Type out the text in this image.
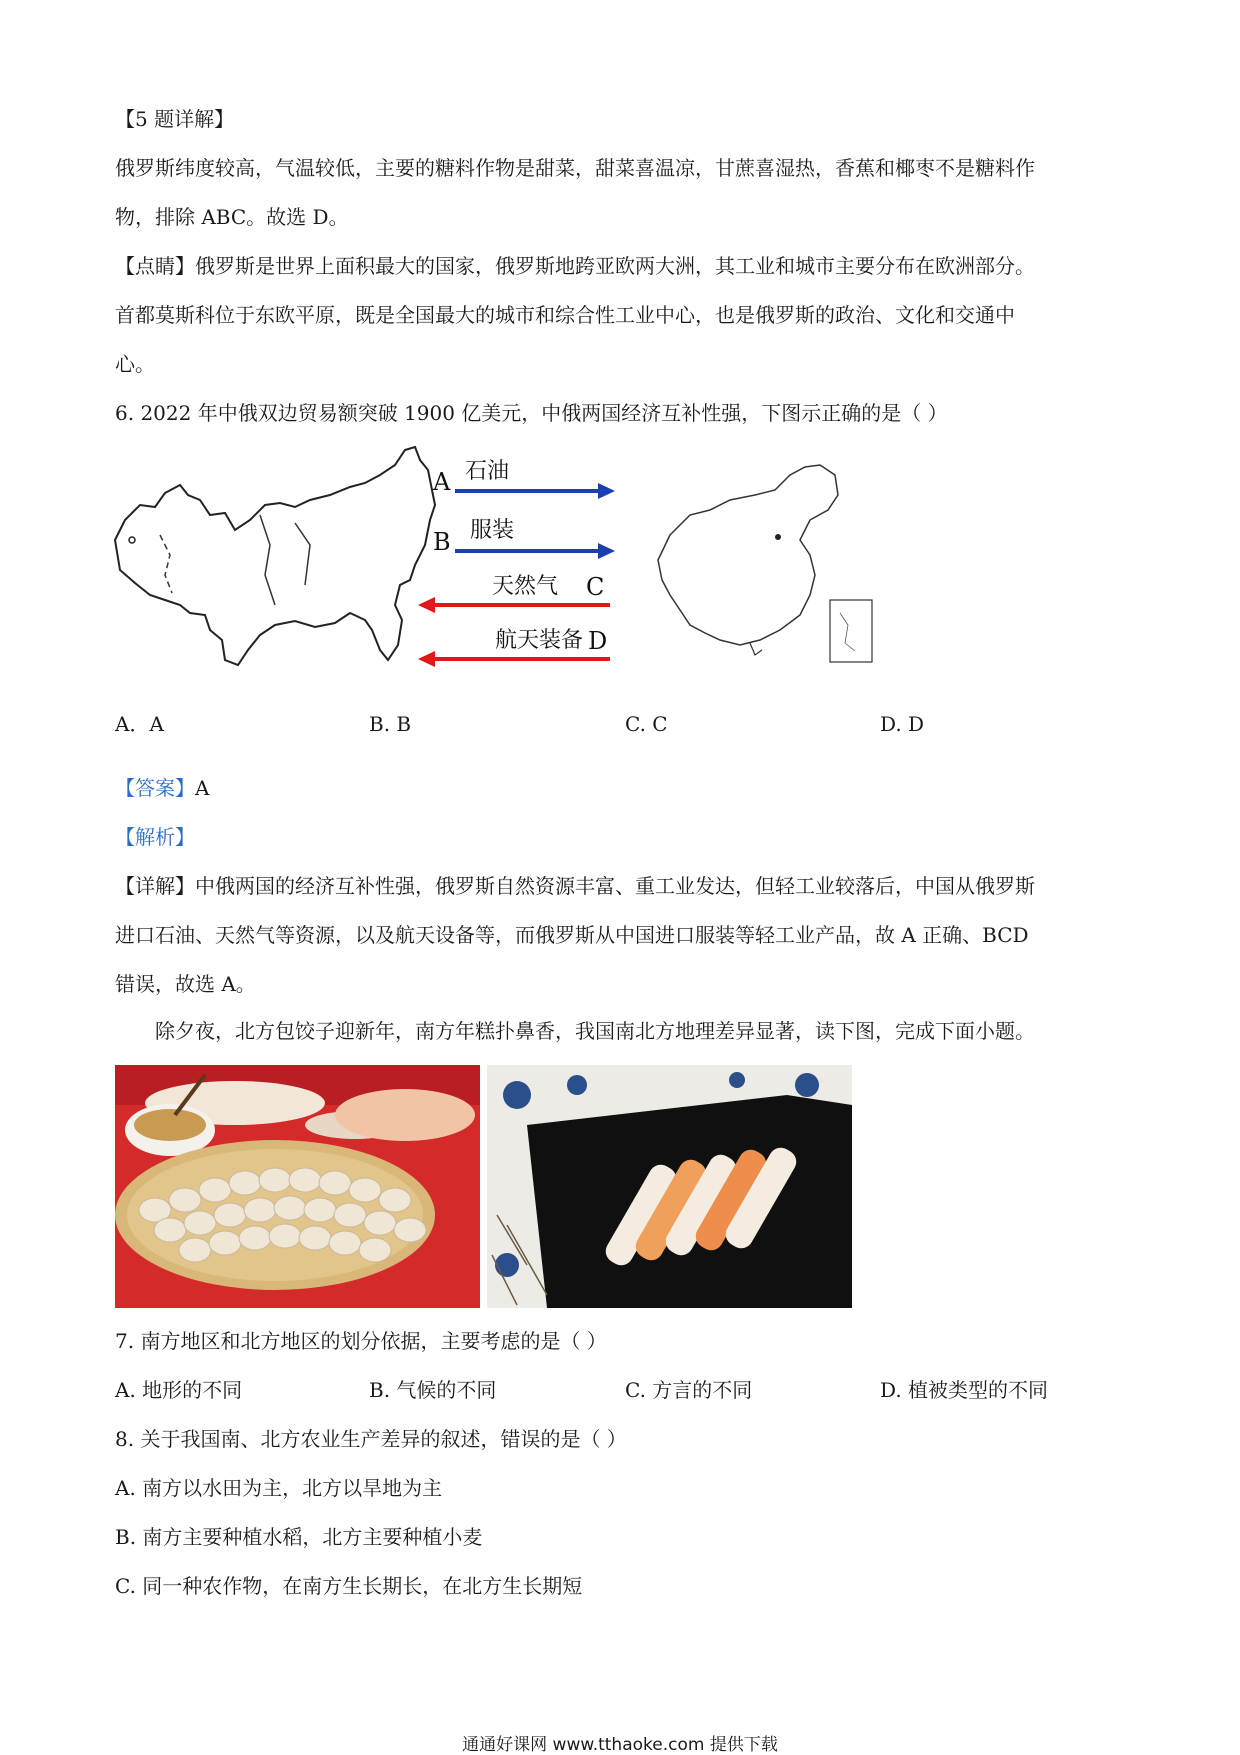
【5 题详解】
俄罗斯纬度较高，气温较低，主要的糖料作物是甜菜，甜菜喜温凉，甘蔗喜湿热，香蕉和椰枣不是糖料作
物，排除 ABC。故选 D。
【点睛】俄罗斯是世界上面积最大的国家，俄罗斯地跨亚欧两大洲，其工业和城市主要分布在欧洲部分。
首都莫斯科位于东欧平原，既是全国最大的城市和综合性工业中心，也是俄罗斯的政治、文化和交通中
心。
6. 2022 年中俄双边贸易额突破 1900 亿美元，中俄两国经济互补性强，下图示正确的是（ ）
A 石油
B 服装
天然气 C
航天装备 D
A．A	B. B	C. C	D. D
【答案】A
【解析】
【详解】中俄两国的经济互补性强，俄罗斯自然资源丰富、重工业发达，但轻工业较落后，中国从俄罗斯
进口石油、天然气等资源，以及航天设备等，而俄罗斯从中国进口服装等轻工业产品，故 A 正确、BCD
错误，故选 A。
除夕夜，北方包饺子迎新年，南方年糕扑鼻香，我国南北方地理差异显著，读下图，完成下面小题。
7. 南方地区和北方地区的划分依据，主要考虑的是（ ）
A. 地形的不同	B. 气候的不同	C. 方言的不同	D. 植被类型的不同
8. 关于我国南、北方农业生产差异的叙述，错误的是（ ）
A. 南方以水田为主，北方以旱地为主
B. 南方主要种植水稻，北方主要种植小麦
C. 同一种农作物，在南方生长期长，在北方生长期短
通通好课网 www.tthaoke.com 提供下载
